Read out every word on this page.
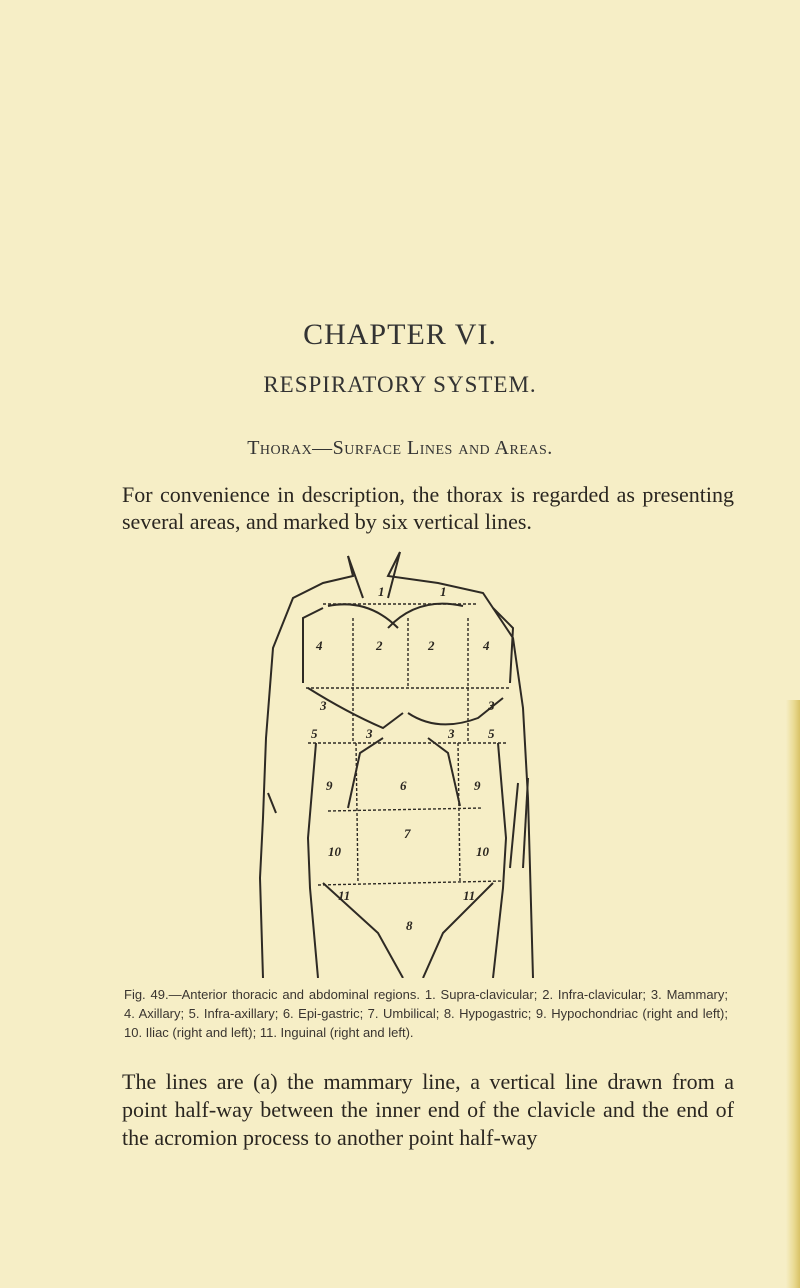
CHAPTER VI.
RESPIRATORY SYSTEM.
Thorax—Surface Lines and Areas.
For convenience in description, the thorax is regarded as presenting several areas, and marked by six vertical lines.
1	1
4	2	2	4
3	3
5	3	3	5
9	6	9
7
10	10
11	11
8
Fig. 49.—Anterior thoracic and abdominal regions. 1. Supra-clavicular; 2. Infra-clavicular; 3. Mammary; 4. Axillary; 5. Infra-axillary; 6. Epi-gastric; 7. Umbilical; 8. Hypogastric; 9. Hypochondriac (right and left); 10. Iliac (right and left); 11. Inguinal (right and left).
The lines are (a) the mammary line, a vertical line drawn from a point half-way between the inner end of the clavicle and the end of the acromion process to another point half-way
